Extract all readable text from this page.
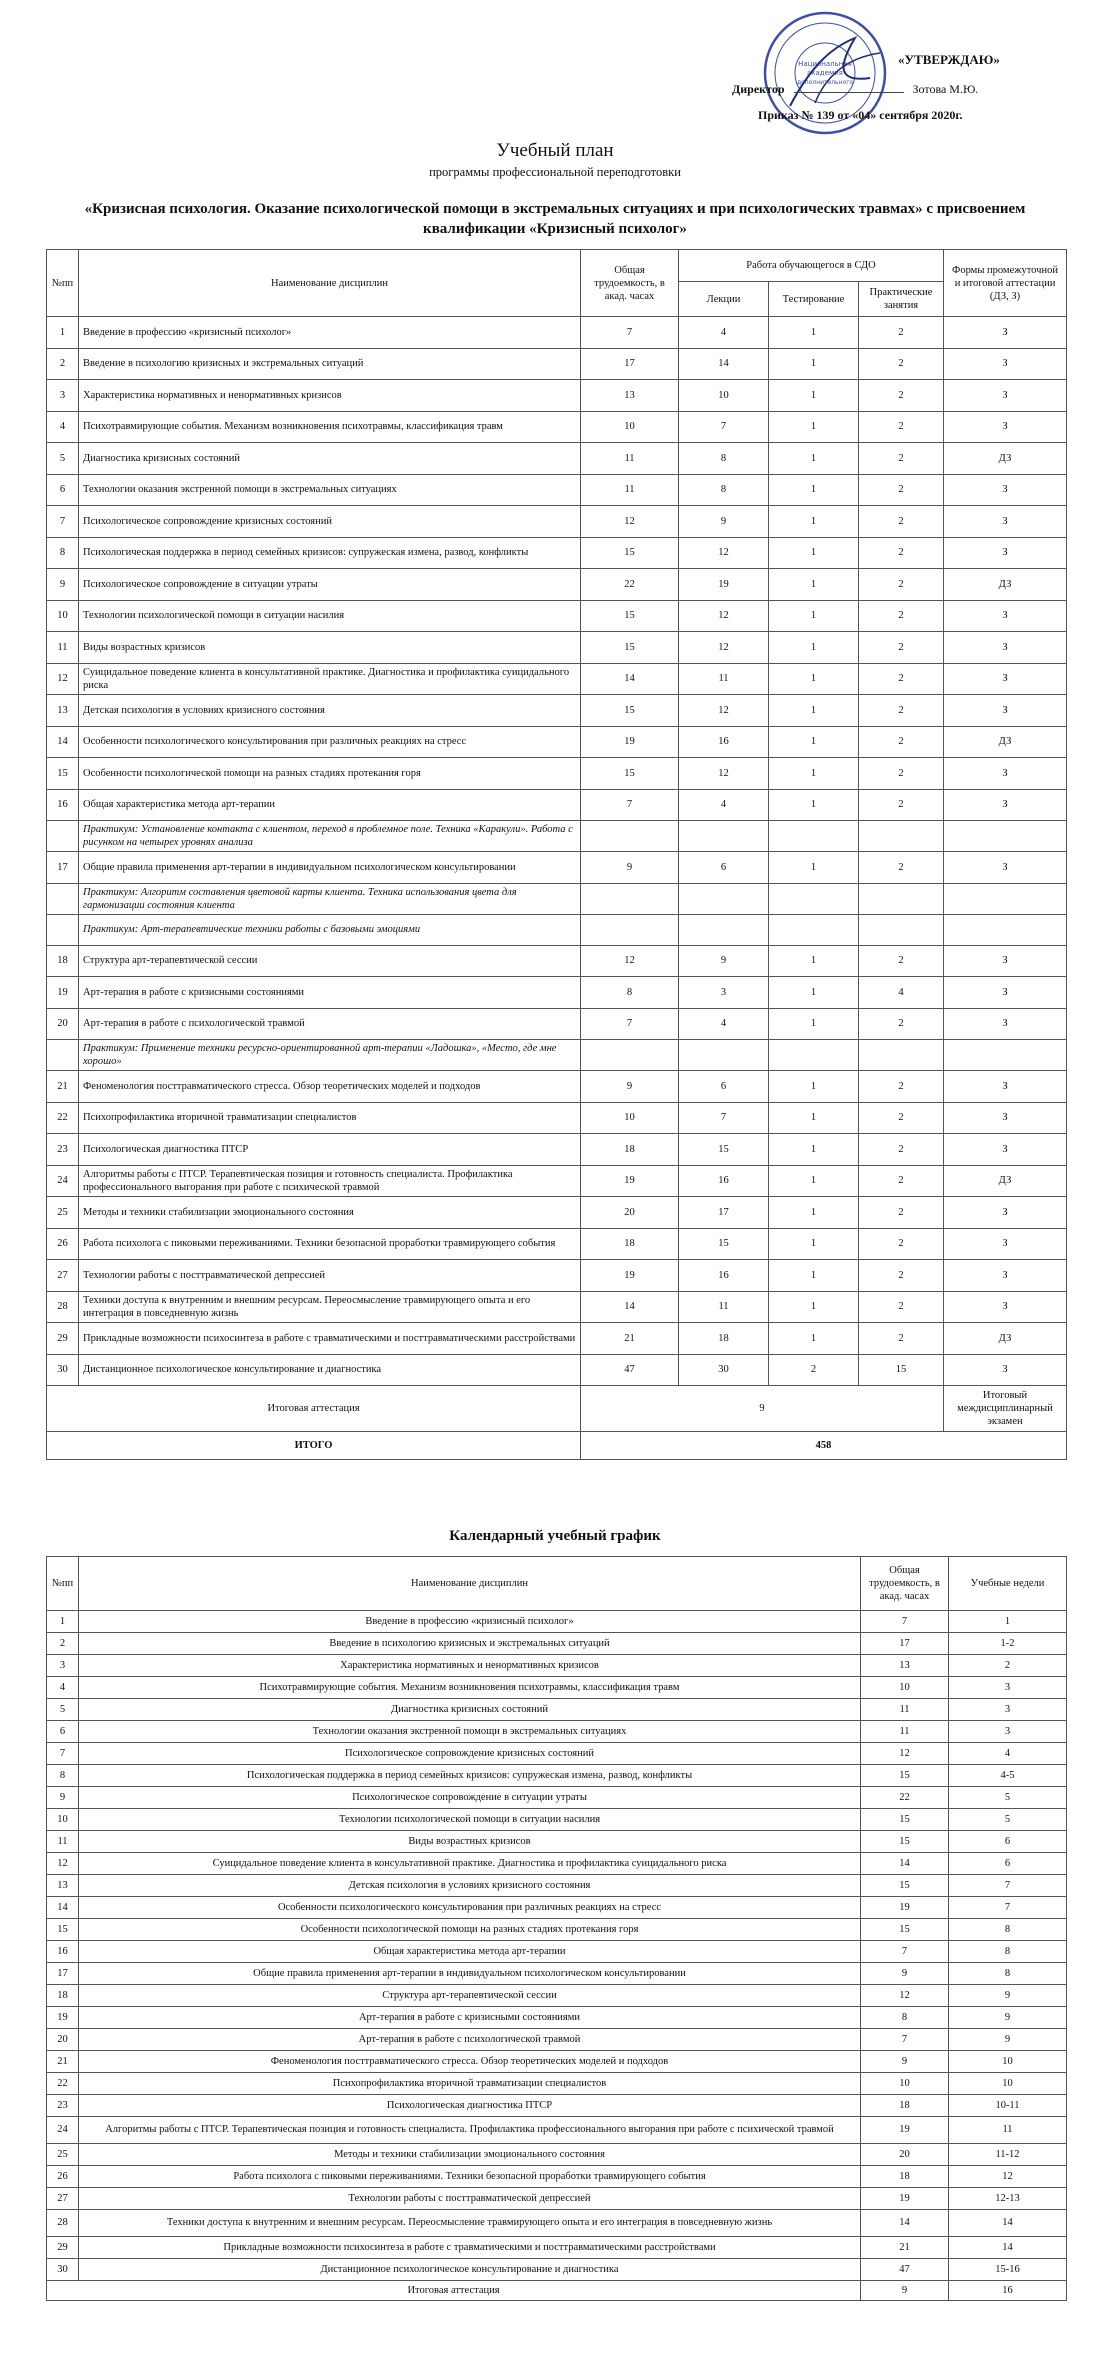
Национальная
академия
дополнительного
«УТВЕРЖДАЮ»
Директор	Зотова М.Ю.
Приказ № 139 от «04» сентября 2020г.
Учебный план
программы профессиональной переподготовки
«Кризисная психология. Оказание психологической помощи в экстремальных ситуациях и при психологических травмах» с присвоением квалификации «Кризисный психолог»
№пп	Наименование дисциплин	Общая трудоемкость, в акад. часах	Работа обучающегося в СДО			Формы промежуточной и итоговой аттестации (ДЗ, З)
			Лекции	Тестирование	Практические занятия	
1	Введение в профессию «кризисный психолог»	7	4	1	2	З
2	Введение в психологию кризисных и экстремальных ситуаций	17	14	1	2	З
3	Характеристика нормативных и ненормативных кризисов	13	10	1	2	З
4	Психотравмирующие события. Механизм возникновения психотравмы, классификация травм	10	7	1	2	З
5	Диагностика кризисных состояний	11	8	1	2	ДЗ
6	Технологии оказания экстренной помощи в экстремальных ситуациях	11	8	1	2	З
7	Психологическое сопровождение кризисных состояний	12	9	1	2	З
8	Психологическая поддержка в период семейных кризисов: супружеская измена, развод, конфликты	15	12	1	2	З
9	Психологическое сопровождение в ситуации утраты	22	19	1	2	ДЗ
10	Технологии психологической помощи в ситуации насилия	15	12	1	2	З
11	Виды возрастных кризисов	15	12	1	2	З
12	Суицидальное поведение клиента в консультативной практике. Диагностика и профилактика суицидального риска	14	11	1	2	З
13	Детская психология в условиях кризисного состояния	15	12	1	2	З
14	Особенности психологического консультирования при различных реакциях на стресс	19	16	1	2	ДЗ
15	Особенности психологической помощи на разных стадиях протекания горя	15	12	1	2	З
16	Общая характеристика метода арт-терапии	7	4	1	2	З
	Практикум: Установление контакта с клиентом, переход в проблемное поле. Техника «Каракули». Работа с рисунком на четырех уровнях анализа					
17	Общие правила применения арт-терапии в индивидуальном психологическом консультировании	9	6	1	2	З
	Практикум: Алгоритм составления цветовой карты клиента. Техника использования цвета для гармонизации состояния клиента					
	Практикум: Арт-терапевтические техники работы с базовыми эмоциями					
18	Структура арт-терапевтической сессии	12	9	1	2	З
19	Арт-терапия в работе с кризисными состояниями	8	3	1	4	З
20	Арт-терапия в работе с психологической травмой	7	4	1	2	З
	Практикум: Применение техники ресурсно-ориентированной арт-терапии «Ладошка», «Место, где мне хорошо»					
21	Феноменология посттравматического стресса. Обзор теоретических моделей и подходов	9	6	1	2	З
22	Психопрофилактика вторичной травматизации специалистов	10	7	1	2	З
23	Психологическая диагностика ПТСР	18	15	1	2	З
24	Алгоритмы работы с ПТСР. Терапевтическая позиция и готовность специалиста. Профилактика профессионального выгорания при работе с психической травмой	19	16	1	2	ДЗ
25	Методы и техники стабилизации эмоционального состояния	20	17	1	2	З
26	Работа психолога с пиковыми переживаниями. Техники безопасной проработки травмирующего события	18	15	1	2	З
27	Технологии работы с посттравматической депрессией	19	16	1	2	З
28	Техники доступа к внутренним и внешним ресурсам. Переосмысление травмирующего опыта и его интеграция в повседневную жизнь	14	11	1	2	З
29	Прикладные возможности психосинтеза в работе с травматическими и посттравматическими расстройствами	21	18	1	2	ДЗ
30	Дистанционное психологическое консультирование и диагностика	47	30	2	15	З
Итоговая аттестация		9				Итоговый междисциплинарный экзамен
ИТОГО		458				
Календарный учебный график
№пп	Наименование дисциплин	Общая трудоемкость, в акад. часах	Учебные недели
1	Введение в профессию «кризисный психолог»	7	1
2	Введение в психологию кризисных и экстремальных ситуаций	17	1-2
3	Характеристика нормативных и ненормативных кризисов	13	2
4	Психотравмирующие события. Механизм возникновения психотравмы, классификация травм	10	3
5	Диагностика кризисных состояний	11	3
6	Технологии оказания экстренной помощи в экстремальных ситуациях	11	3
7	Психологическое сопровождение кризисных состояний	12	4
8	Психологическая поддержка в период семейных кризисов: супружеская измена, развод, конфликты	15	4-5
9	Психологическое сопровождение в ситуации утраты	22	5
10	Технологии психологической помощи в ситуации насилия	15	5
11	Виды возрастных кризисов	15	6
12	Суицидальное поведение клиента в консультативной практике. Диагностика и профилактика суицидального риска	14	6
13	Детская психология в условиях кризисного состояния	15	7
14	Особенности психологического консультирования при различных реакциях на стресс	19	7
15	Особенности психологической помощи на разных стадиях протекания горя	15	8
16	Общая характеристика метода арт-терапии	7	8
17	Общие правила применения арт-терапии в индивидуальном психологическом консультировании	9	8
18	Структура арт-терапевтической сессии	12	9
19	Арт-терапия в работе с кризисными состояниями	8	9
20	Арт-терапия в работе с психологической травмой	7	9
21	Феноменология посттравматического стресса. Обзор теоретических моделей и подходов	9	10
22	Психопрофилактика вторичной травматизации специалистов	10	10
23	Психологическая диагностика ПТСР	18	10-11
24	Алгоритмы работы с ПТСР. Терапевтическая позиция и готовность специалиста. Профилактика профессионального выгорания при работе с психической травмой	19	11
25	Методы и техники стабилизации эмоционального состояния	20	11-12
26	Работа психолога с пиковыми переживаниями. Техники безопасной проработки травмирующего события	18	12
27	Технологии работы с посттравматической депрессией	19	12-13
28	Техники доступа к внутренним и внешним ресурсам. Переосмысление травмирующего опыта и его интеграция в повседневную жизнь	14	14
29	Прикладные возможности психосинтеза в работе с травматическими и посттравматическими расстройствами	21	14
30	Дистанционное психологическое консультирование и диагностика	47	15-16
Итоговая аттестация		9	16
